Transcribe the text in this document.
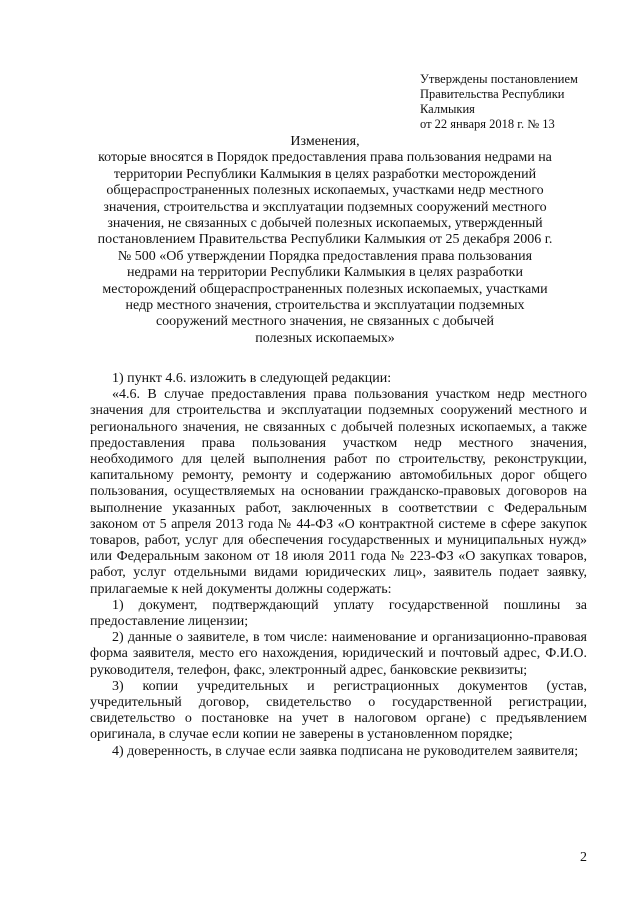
Утверждены постановлением
Правительства Республики
Калмыкия
от 22 января 2018 г. № 13
Изменения,
которые вносятся в Порядок предоставления права пользования недрами на
территории Республики Калмыкия в целях разработки месторождений
общераспространенных полезных ископаемых, участками недр местного
значения, строительства и эксплуатации подземных сооружений местного
значения, не связанных с добычей полезных ископаемых, утвержденный
постановлением Правительства Республики Калмыкия от 25 декабря 2006 г.
№ 500 «Об утверждении Порядка предоставления права пользования
недрами на территории Республики Калмыкия в целях разработки
месторождений общераспространенных полезных ископаемых, участками
недр местного значения, строительства и эксплуатации подземных
сооружений местного значения, не связанных с добычей
полезных ископаемых»

1) пункт 4.6. изложить в следующей редакции:

«4.6. В случае предоставления права пользования участком недр местного значения для строительства и эксплуатации подземных сооружений местного и регионального значения, не связанных с добычей полезных ископаемых, а также предоставления права пользования участком недр местного значения, необходимого для целей выполнения работ по строительству, реконструкции, капитальному ремонту, ремонту и содержанию автомобильных дорог общего пользования, осуществляемых на основании гражданско-правовых договоров на выполнение указанных работ, заключенных в соответствии с Федеральным законом от 5 апреля 2013 года № 44-ФЗ «О контрактной системе в сфере закупок товаров, работ, услуг для обеспечения государственных и муниципальных нужд» или Федеральным законом от 18 июля 2011 года № 223-ФЗ «О закупках товаров, работ, услуг отдельными видами юридических лиц», заявитель подает заявку, прилагаемые к ней документы должны содержать:

1) документ, подтверждающий уплату государственной пошлины за предоставление лицензии;

2) данные о заявителе, в том числе: наименование и организационно-правовая форма заявителя, место его нахождения, юридический и почтовый адрес, Ф.И.О. руководителя, телефон, факс, электронный адрес, банковские реквизиты;

3) копии учредительных и регистрационных документов (устав, учредительный договор, свидетельство о государственной регистрации, свидетельство о постановке на учет в налоговом органе) с предъявлением оригинала, в случае если копии не заверены в установленном порядке;

4) доверенность, в случае если заявка подписана не руководителем заявителя;

2
